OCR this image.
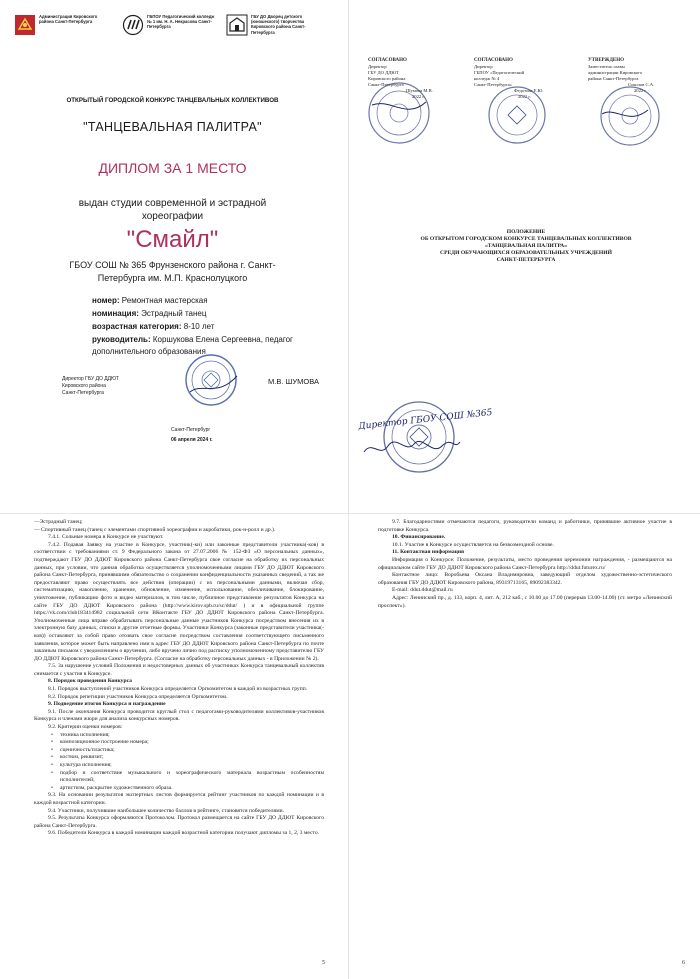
Администрация Кировского района Санкт-Петербурга
ГБПОУ Педагогический колледж № 1 им. Н. А. Некрасова Санкт-Петербурга
ГБУ ДО Дворец детского (юношеского) творчества Кировского района Санкт-Петербурга
ОТКРЫТЫЙ ГОРОДСКОЙ КОНКУРС ТАНЦЕВАЛЬНЫХ КОЛЛЕКТИВОВ
"ТАНЦЕВАЛЬНАЯ ПАЛИТРА"
ДИПЛОМ ЗА 1 МЕСТО
выдан студии современной и эстрадной
хореографии
"Смайл"
ГБОУ СОШ № 365 Фрунзенского района г. Санкт-
Петербурга им. М.П. Краснолуцкого
номер: Ремонтная мастерская
номинация: Эстрадный танец
возрастная категория: 8-10 лет
руководитель: Коршукова Елена Сергеевна, педагог
дополнительного образования
Директор ГБУ ДО ДДЮТ
Кировского района
Санкт-Петербурга
М.В. ШУМОВА
Санкт-Петербург
06 апреля 2024 г.
СОГЛАСОВАНО
Директор
ГБУ ДО ДДЮТ
Кировского района
Санкт-Петербурга
Шумова М.В.
2022 г.
СОГЛАСОВАНО
Директор
ГБПОУ «Педагогический
колледж № 4
Санкт-Петербурга»
Федотова Е.Ю.
2022 г.
УТВЕРЖДЕНО
Заместитель главы
администрации Кировского
района Санкт-Петербурга
Соколов С.А.
2022 г.
ПОЛОЖЕНИЕ
ОБ ОТКРЫТОМ ГОРОДСКОМ КОНКУРСЕ ТАНЦЕВАЛЬНЫХ КОЛЛЕКТИВОВ
«ТАНЦЕВАЛЬНАЯ ПАЛИТРА»
СРЕДИ ОБУЧАЮЩИХСЯ ОБРАЗОВАТЕЛЬНЫХ УЧРЕЖДЕНИЙ
САНКТ-ПЕТЕРБУРГА
Директор ГБОУ СОШ №365

—Эстрадный танец;

— Спортивный танец (танец с элементами спортивной хореографии и акробатики, рок-н-ролл и др.).

7.4.1. Сольные номера в Конкурсе не участвуют.

7.4.2. Подавая Заявку на участие в Конкурсе, участник(-ки) или законные представители участника(-ков) в соответствии с требованиями ст. 9 Федерального закона от 27.07.2006 № 152-ФЗ «О персональных данных», подтверждают ГБУ ДО ДДЮТ Кировского района Санкт-Петербурга свое согласие на обработку их персональных данных, при условии, что данная обработка осуществляется уполномоченными лицами ГБУ ДО ДДЮТ Кировского района Санкт-Петербурга, принявшими обязательство о сохранении конфиденциальности указанных сведений, а так же предоставляют право осуществлять все действия (операции) с их персональными данными, включая сбор, систематизацию, накопление, хранение, обновление, изменение, использование, обезличивание, блокирование, уничтожение, публикацию фото и видео материалов, в том числе, публичное представление результатов Конкурса на сайте ГБУ ДО ДДЮТ Кировского района (http://www.kirov.spb.ru/sc/ddut/ ) и в официальной группе https://vk.com/club183414982 социальной сети ВКонтакте ГБУ ДО ДДЮТ Кировского района Санкт-Петербурга. Уполномоченные лица вправе обрабатывать персональные данные участников Конкурса посредством внесения их в электронную базу данных, списки и другие отчетные формы. Участники Конкурса (законные представители участника(-ков)) оставляют за собой право отозвать свое согласие посредством составления соответствующего письменного заявления, которое может быть направлено ими в адрес ГБУ ДО ДДЮТ Кировского района Санкт-Петербурга по почте заказным письмом с уведомлением о вручении, либо вручено лично под расписку уполномоченному представителю ГБУ ДО ДДЮТ Кировского района Санкт-Петербурга. (Согласие на обработку персональных данных - в Приложении № 2).

7.5. За нарушение условий Положения и недостоверных данных об участниках Конкурса танцевальный коллектив снимается с участия в Конкурсе.

8. Порядок проведения Конкурса

8.1. Порядок выступлений участников Конкурса определяется Оргкомитетом в каждой из возрастных групп.

8.2. Порядок репетиции участников Конкурса определяется Оргкомитетом.

9. Подведение итогов Конкурса и награждение

9.1. После окончания Конкурса проводится круглый стол с педагогами-руководителями коллективов-участников Конкурса и членами жюри для анализа конкурсных номеров.

9.2. Критерии оценки номеров:

• техника исполнения;
• композиционное построение номера;
• сценичность/пластика;
• костюм, реквизит;
• культура исполнения;
• подбор и соответствие музыкального и хореографического материала возрастным особенностям исполнителей;
• артистизм, раскрытие художественного образа.

9.3. На основании результатов экспертных листов формируется рейтинг участников по каждой номинации и в каждой возрастной категории.

9.4. Участники, получившие наибольшее количество баллов в рейтинге, становятся победителями.

9.5. Результаты Конкурса оформляются Протоколом. Протокол размещается на сайте ГБУ ДО ДДЮТ Кировского района Санкт-Петербурга.

9.6. Победители Конкурса в каждой номинации каждой возрастной категории получают дипломы за 1, 2, 3 место.

5

9.7. Благодарностями отмечаются педагоги, руководители команд и работники, принявшие активное участие в подготовке Конкурса.

10. Финансирование.

10.1. Участие в Конкурсе осуществляется на безвозмездной основе.

11. Контактная информация

Информация о Конкурсе: Положение, результаты, место проведения церемонии награждения, - размещаются на официальном сайте ГБУ ДО ДДЮТ Кировского района Санкт-Петербурга http://ddut.futurex.ru/

Контактное лицо: Воробьева Оксана Владимировна, заведующий отделом художественно-эстетического образования ГБУ ДО ДДЮТ Кировского района, 89319713165, 89092383342.

E-mail: ddut.ddut@mail.ru

Адрес: Ленинский пр., д. 133, корп. 4, лит. А, 212 каб., с 10.00 до 17.00 (перерыв 13.00-14.00) (ст. метро «Ленинский проспект»).

6
